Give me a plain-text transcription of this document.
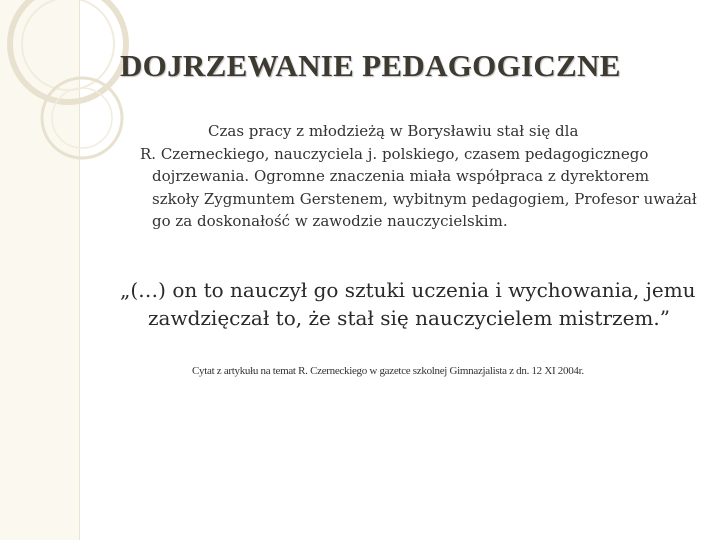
DOJRZEWANIE PEDAGOGICZNE
Czas pracy z młodzieżą w Borysławiu stał się dla
R. Czerneckiego, nauczyciela j. polskiego, czasem pedagogicznego dojrzewania. Ogromne znaczenia miała współpraca z dyrektorem szkoły Zygmuntem Gerstenem, wybitnym pedagogiem, Profesor uważał go za doskonałość w zawodzie nauczycielskim.
„(…) on to nauczył go sztuki uczenia i wychowania, jemu zawdzięczał to, że stał się nauczycielem mistrzem.”
Cytat z artykułu na temat R. Czerneckiego w gazetce szkolnej Gimnazjalista z dn. 12 XI 2004r.
